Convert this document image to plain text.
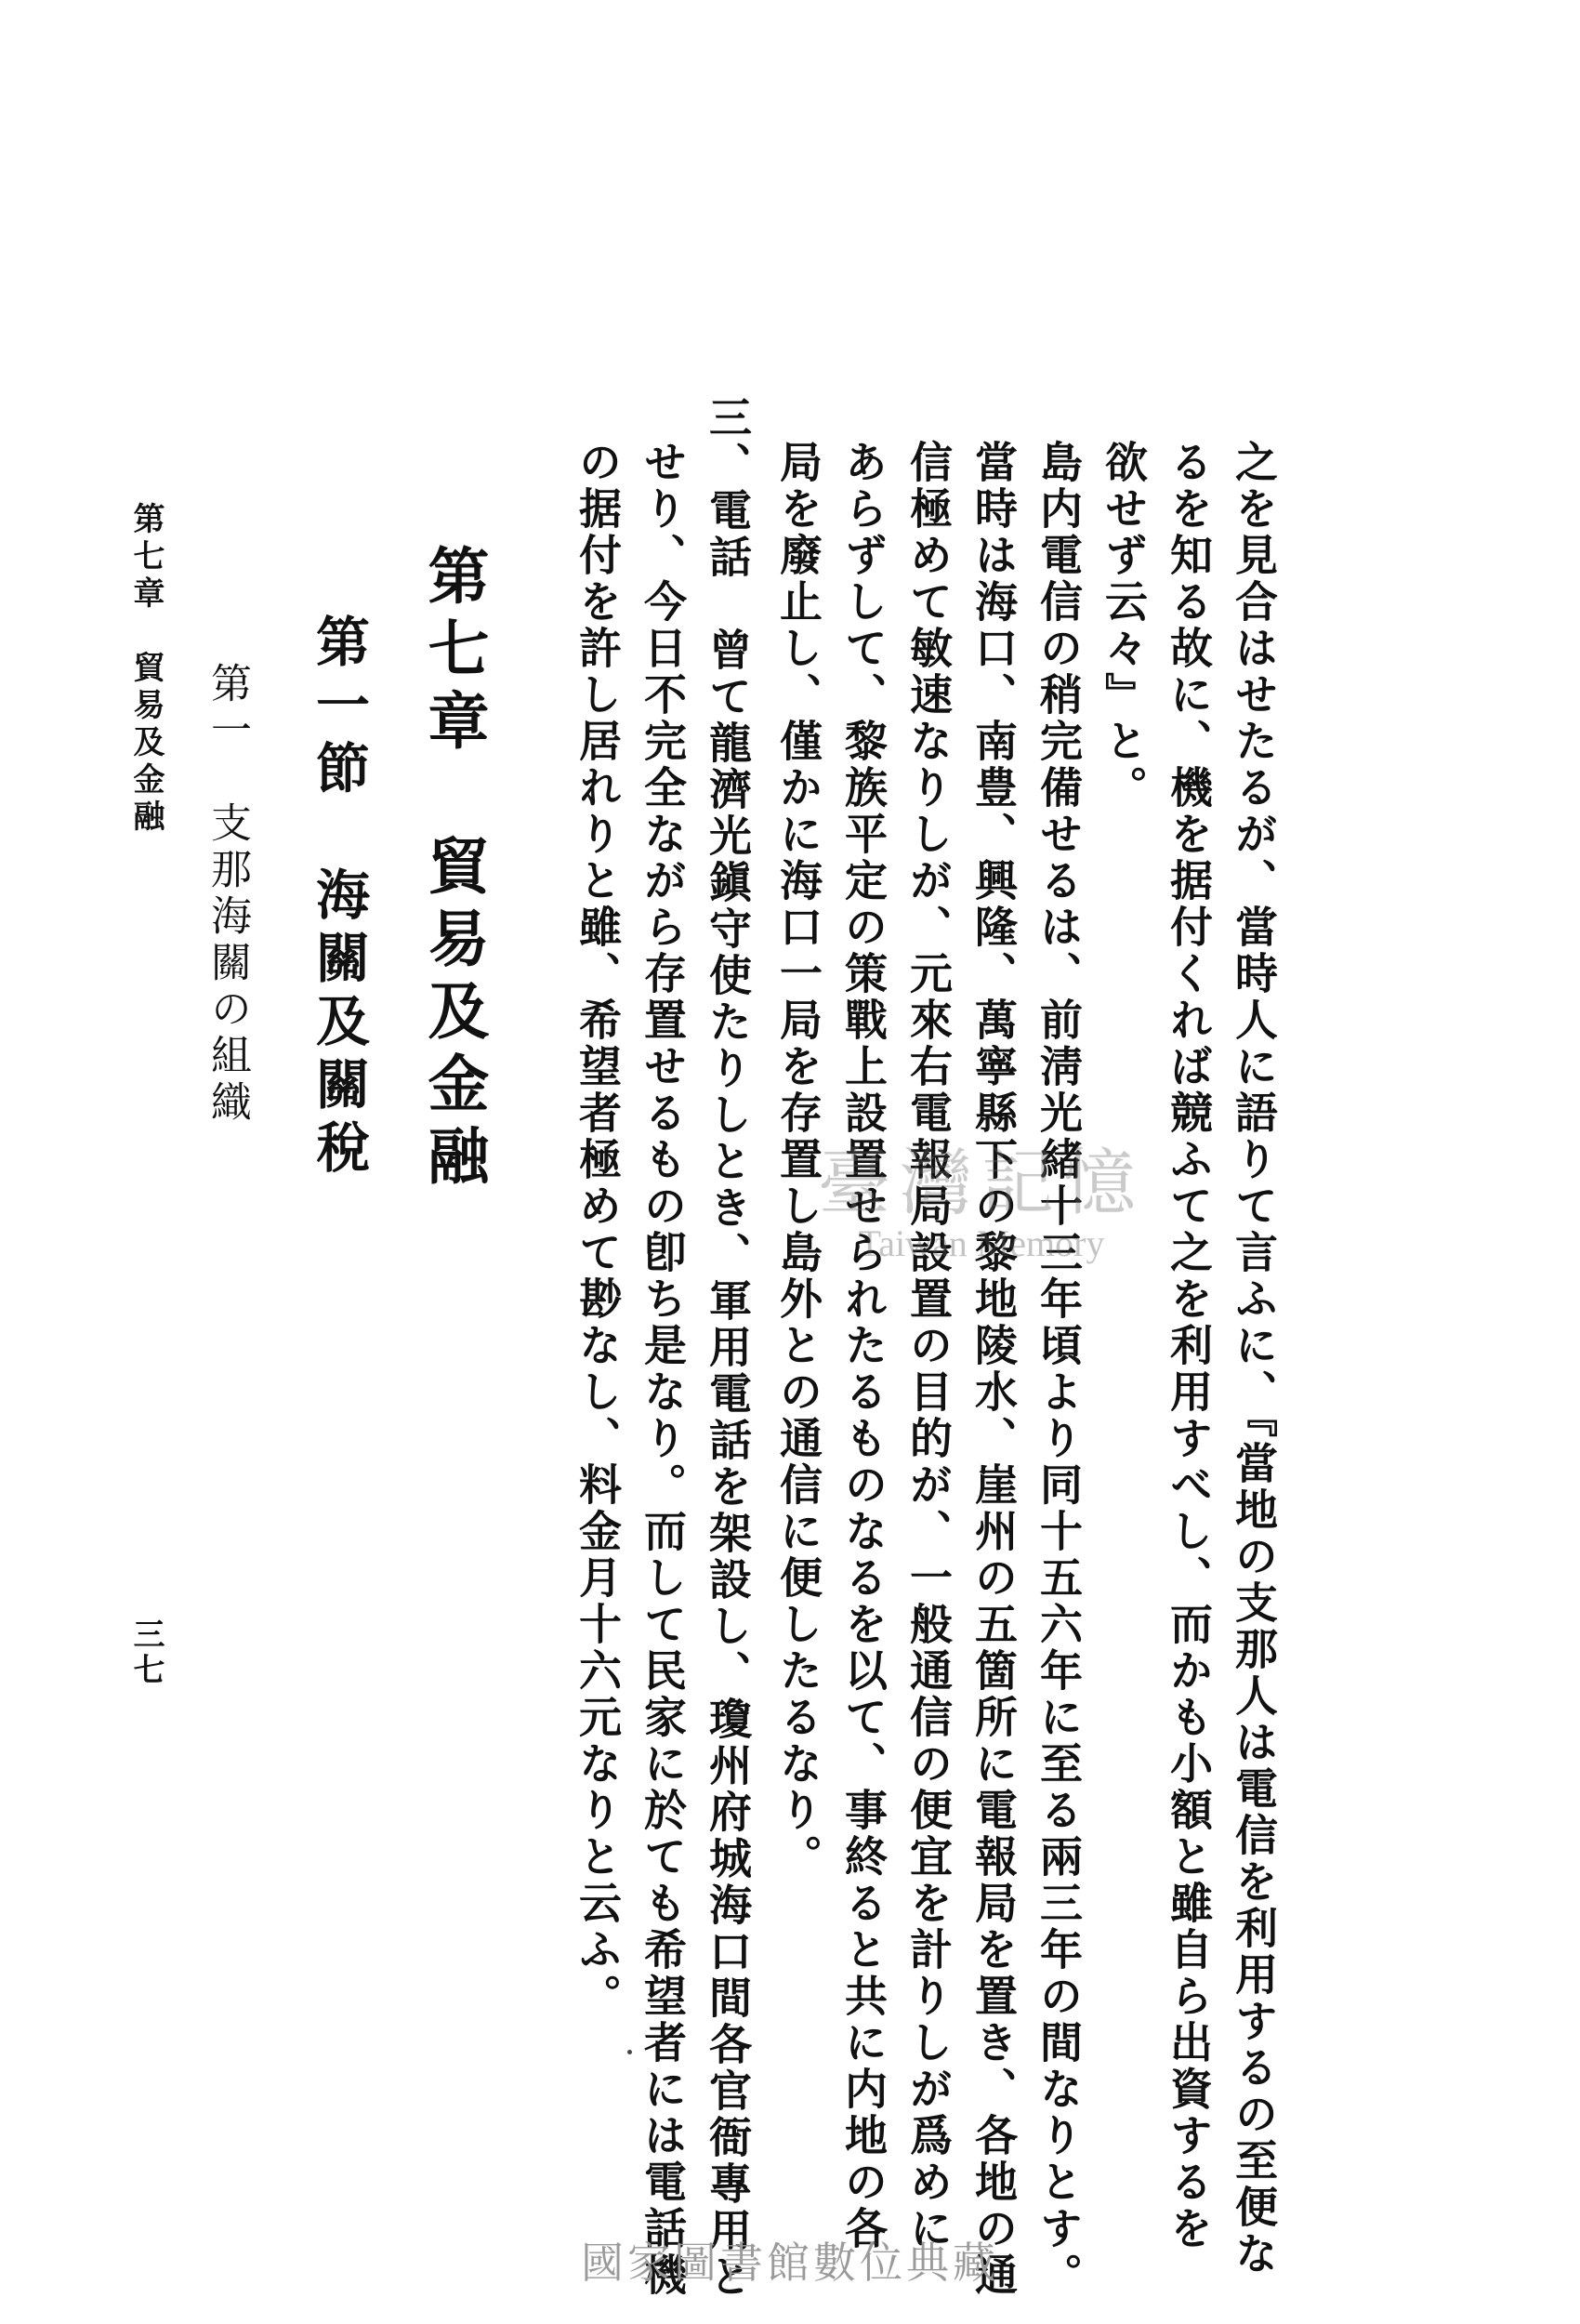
之を見合はせたるが、當時人に語りて言ふに、『當地の支那人は電信を利用するの至便な
るを知る故に、機を据付くれば競ふて之を利用すべし、而かも小額と雖自ら出資するを
欲せず云々』と。
島内電信の稍完備せるは、前淸光緒十三年頃より同十五六年に至る兩三年の間なりとす。
當時は海口、南豊、興隆、萬寧縣下の黎地陵水、崖州の五箇所に電報局を置き、各地の通
信極めて敏速なりしが、元來右電報局設置の目的が、一般通信の便宜を計りしが爲めに
あらずして、黎族平定の策戰上設置せられたるものなるを以て、事終ると共に内地の各
局を廢止し、僅かに海口一局を存置し島外との通信に便したるなり。
三、電話　曾て龍濟光鎭守使たりしとき、軍用電話を架設し、瓊州府城海口間各官衙專用と
せり、今日不完全ながら存置せるもの卽ち是なり。而して民家に於ても希望者には電話機
の据付を許し居れりと雖、希望者極めて尠なし、料金月十六元なりと云ふ。
第七章　貿易及金融
第一節　海關及關稅
第一　支那海關の組織
第七章　貿易及金融
三七
臺灣記憶
Taiwan Memory
國家圖書館數位典藏
